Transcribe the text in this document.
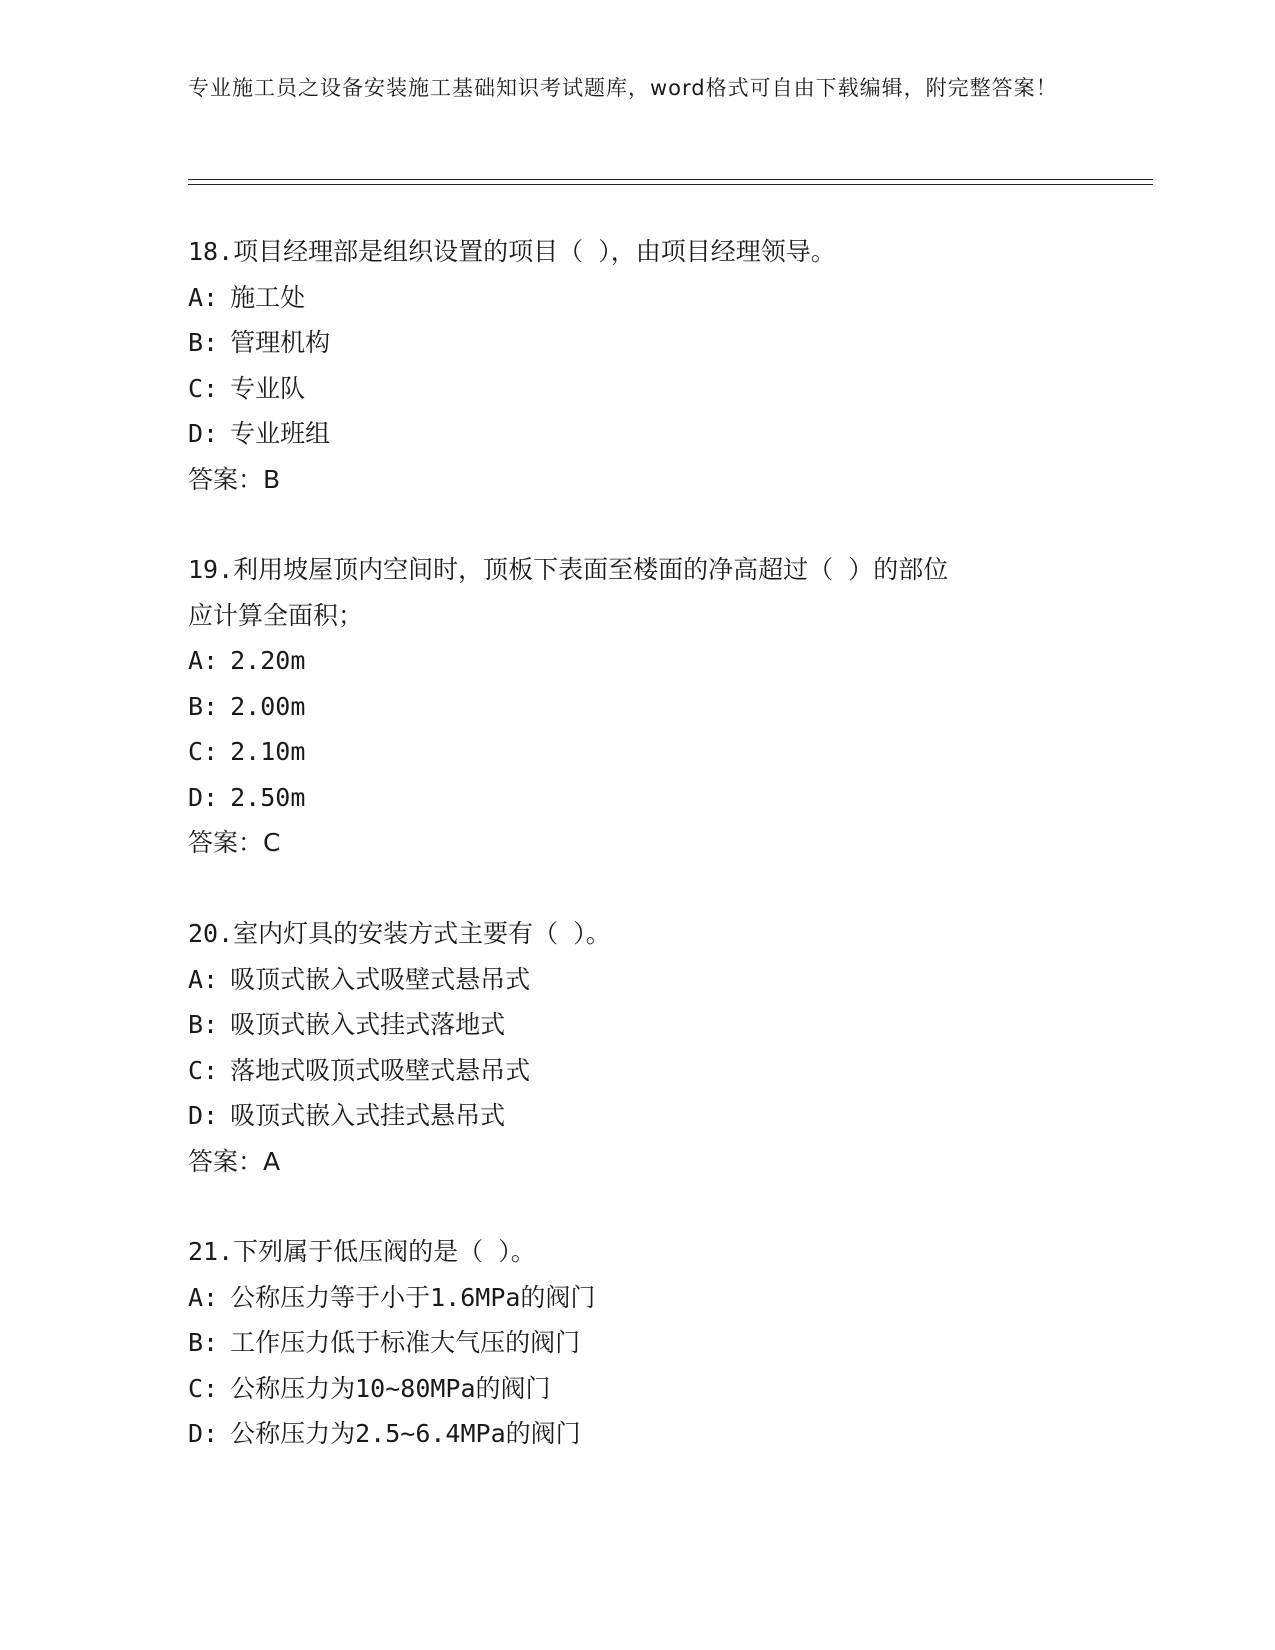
专业施工员之设备安装施工基础知识考试题库，word格式可自由下载编辑，附完整答案！
18.项目经理部是组织设置的项目（ ），由项目经理领导。
A: 施工处
B: 管理机构
C: 专业队
D: 专业班组
答案：B
19.利用坡屋顶内空间时，顶板下表面至楼面的净高超过（ ）的部位
应计算全面积；
A: 2.20m
B: 2.00m
C: 2.10m
D: 2.50m
答案：C
20.室内灯具的安装方式主要有（ ）。
A: 吸顶式嵌入式吸壁式悬吊式
B: 吸顶式嵌入式挂式落地式
C: 落地式吸顶式吸壁式悬吊式
D: 吸顶式嵌入式挂式悬吊式
答案：A
21.下列属于低压阀的是（ ）。
A: 公称压力等于小于1.6MPa的阀门
B: 工作压力低于标准大气压的阀门
C: 公称压力为10~80MPa的阀门
D: 公称压力为2.5~6.4MPa的阀门
